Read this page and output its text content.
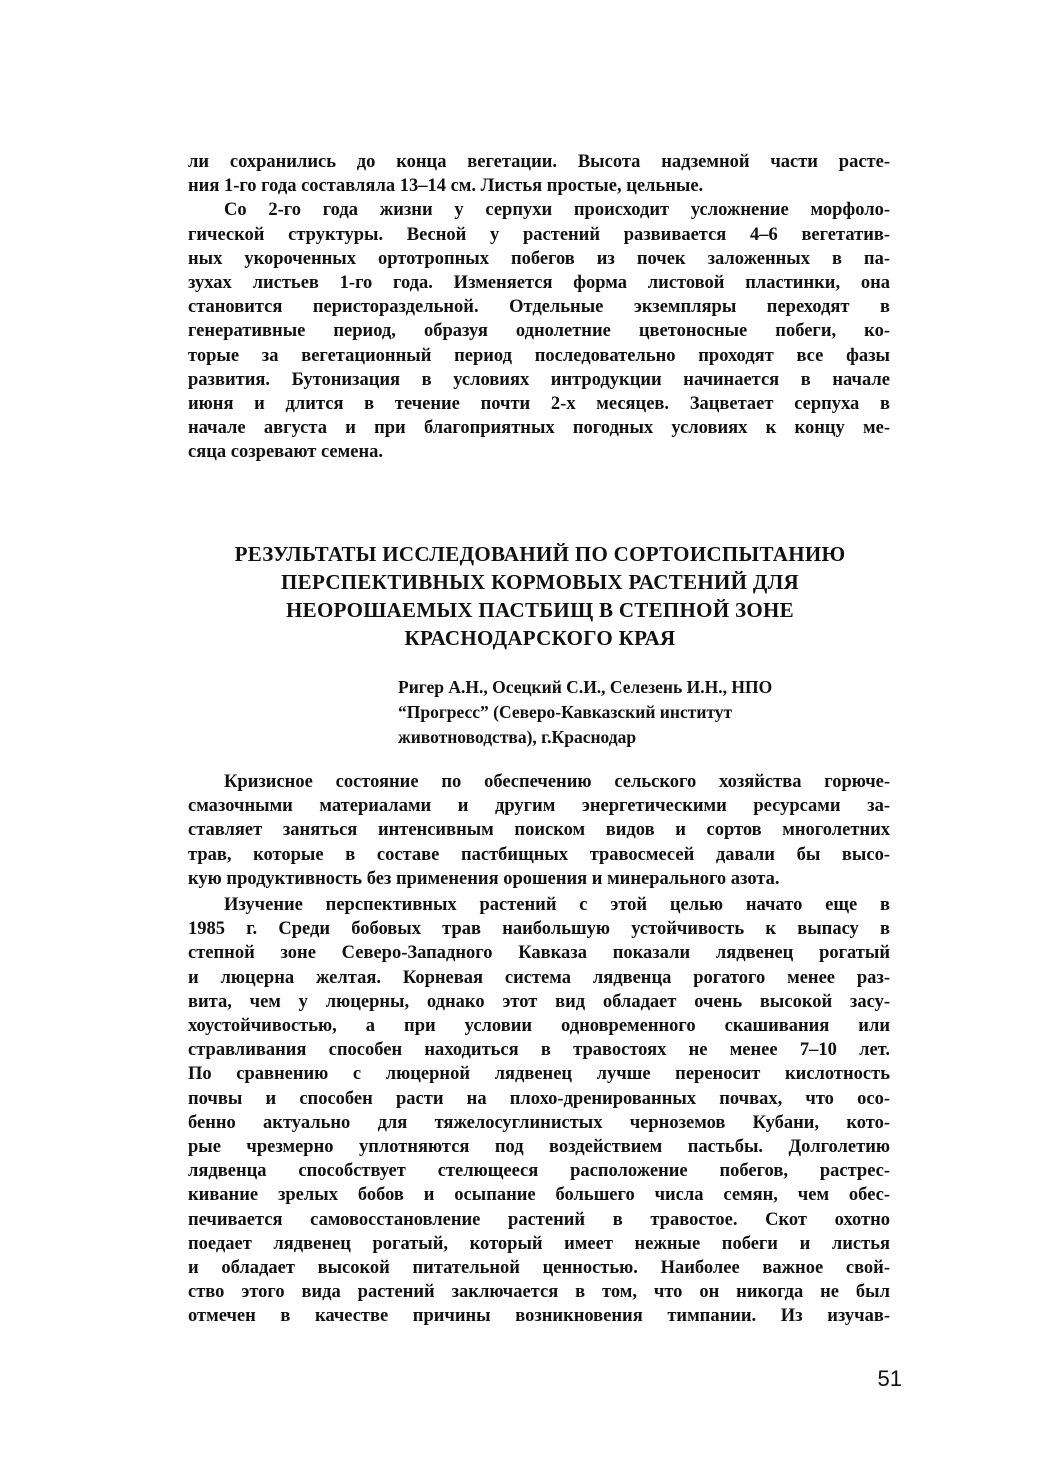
ли сохранились до конца вегетации. Высота надземной части расте-
ния 1-го года составляла 13–14 см. Листья простые, цельные.

Со 2-го года жизни у серпухи происходит усложнение морфоло-
гической структуры. Весной у растений развивается 4–6 вегетатив-
ных укороченных ортотропных побегов из почек заложенных в па-
зухах листьев 1-го года. Изменяется форма листовой пластинки, она
становится перистораздельной. Отдельные экземпляры переходят в
генеративные период, образуя однолетние цветоносные побеги, ко-
торые за вегетационный период последовательно проходят все фазы
развития. Бутонизация в условиях интродукции начинается в начале
июня и длится в течение почти 2-х месяцев. Зацветает серпуха в
начале августа и при благоприятных погодных условиях к концу ме-
сяца созревают семена.

РЕЗУЛЬТАТЫ ИССЛЕДОВАНИЙ ПО СОРТОИСПЫТАНИЮ
ПЕРСПЕКТИВНЫХ КОРМОВЫХ РАСТЕНИЙ ДЛЯ
НЕОРОШАЕМЫХ ПАСТБИЩ В СТЕПНОЙ ЗОНЕ
КРАСНОДАРСКОГО КРАЯ
Ригер А.Н., Осецкий С.И., Селезень И.Н., НПО
“Прогресс” (Северо-Кавказский институт
животноводства), г.Краснодар

Кризисное состояние по обеспечению сельского хозяйства горюче-
смазочными материалами и другим энергетическими ресурсами за-
ставляет заняться интенсивным поиском видов и сортов многолетних
трав, которые в составе пастбищных травосмесей давали бы высо-
кую продуктивность без применения орошения и минерального азота.

Изучение перспективных растений с этой целью начато еще в
1985 г. Среди бобовых трав наибольшую устойчивость к выпасу в
степной зоне Северо-Западного Кавказа показали лядвенец рогатый
и люцерна желтая. Корневая система лядвенца рогатого менее раз-
вита, чем у люцерны, однако этот вид обладает очень высокой засу-
хоустойчивостью, а при условии одновременного скашивания или
стравливания способен находиться в травостоях не менее 7–10 лет.
По сравнению с люцерной лядвенец лучше переносит кислотность
почвы и способен расти на плохо-дренированных почвах, что осо-
бенно актуально для тяжелосуглинистых черноземов Кубани, кото-
рые чрезмерно уплотняются под воздействием пастьбы. Долголетию
лядвенца способствует стелющееся расположение побегов, растрес-
кивание зрелых бобов и осыпание большего числа семян, чем обес-
печивается самовосстановление растений в травостое. Скот охотно
поедает лядвенец рогатый, который имеет нежные побеги и листья
и обладает высокой питательной ценностью. Наиболее важное свой-
ство этого вида растений заключается в том, что он никогда не был
отмечен в качестве причины возникновения тимпании. Из изучав-

51
